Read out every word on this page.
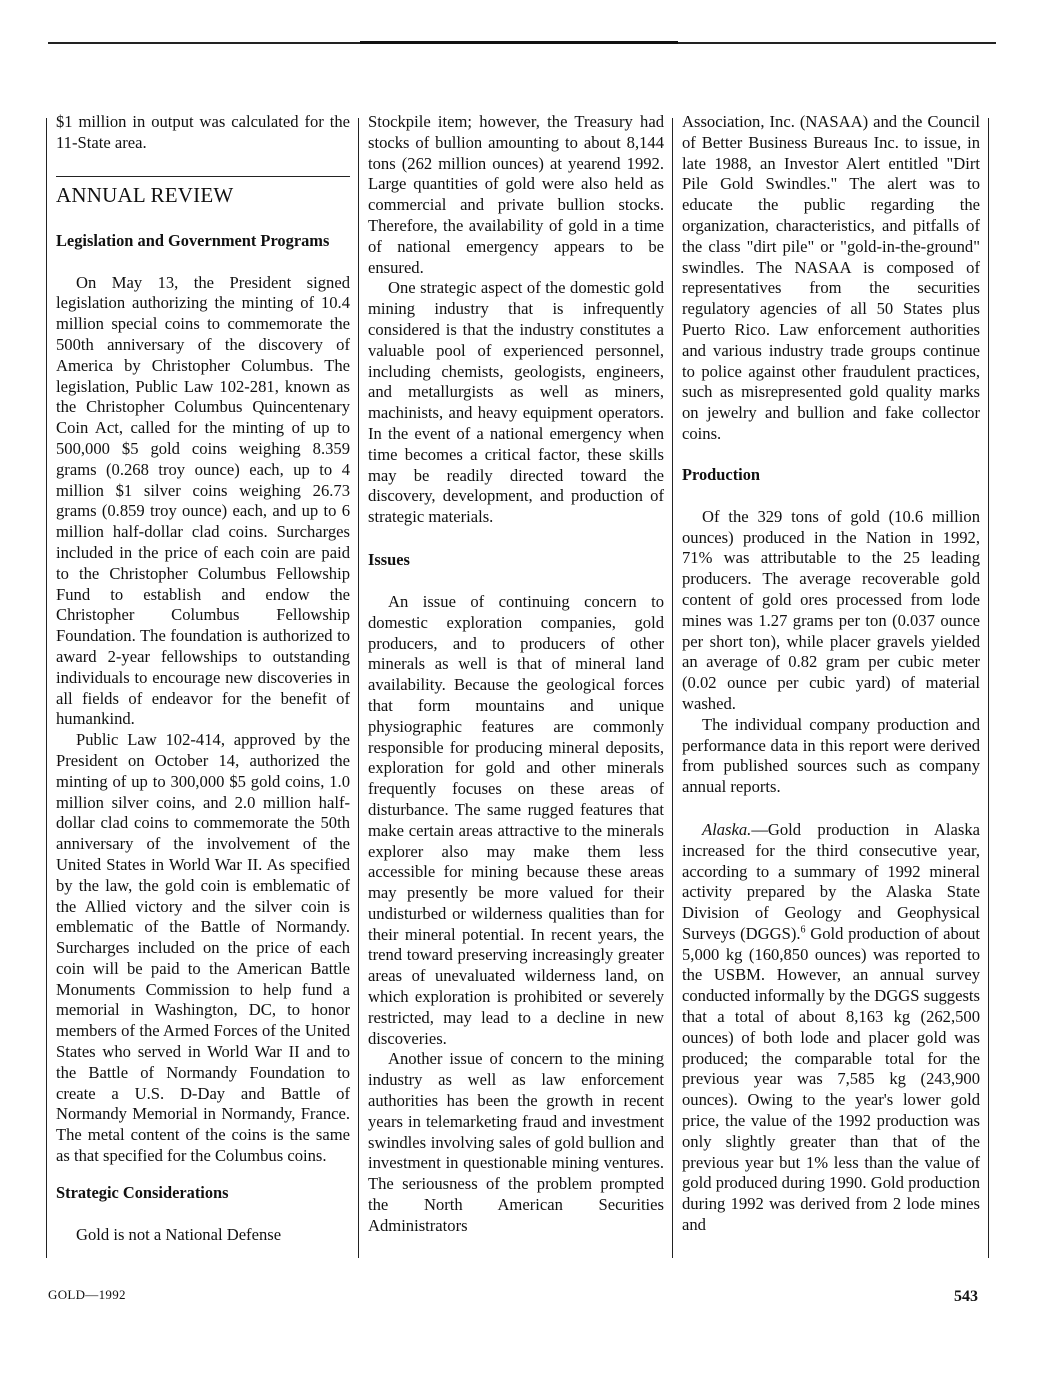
$1 million in output was calculated for the 11-State area.

ANNUAL REVIEW
Legislation and Government Programs

On May 13, the President signed legislation authorizing the minting of 10.4 million special coins to commemorate the 500th anniversary of the discovery of America by Christopher Columbus. The legislation, Public Law 102-281, known as the Christopher Columbus Quincentenary Coin Act, called for the minting of up to 500,000 $5 gold coins weighing 8.359 grams (0.268 troy ounce) each, up to 4 million $1 silver coins weighing 26.73 grams (0.859 troy ounce) each, and up to 6 million half-dollar clad coins. Surcharges included in the price of each coin are paid to the Christopher Columbus Fellowship Fund to establish and endow the Christopher Columbus Fellowship Foundation. The foundation is authorized to award 2-year fellowships to outstanding individuals to encourage new discoveries in all fields of endeavor for the benefit of humankind.

Public Law 102-414, approved by the President on October 14, authorized the minting of up to 300,000 $5 gold coins, 1.0 million silver coins, and 2.0 million half-dollar clad coins to commemorate the 50th anniversary of the involvement of the United States in World War II. As specified by the law, the gold coin is emblematic of the Allied victory and the silver coin is emblematic of the Battle of Normandy. Surcharges included on the price of each coin will be paid to the American Battle Monuments Commission to help fund a memorial in Washington, DC, to honor members of the Armed Forces of the United States who served in World War II and to the Battle of Normandy Foundation to create a U.S. D-Day and Battle of Normandy Memorial in Normandy, France. The metal content of the coins is the same as that specified for the Columbus coins.

Strategic Considerations

Gold is not a National Defense

Stockpile item; however, the Treasury had stocks of bullion amounting to about 8,144 tons (262 million ounces) at yearend 1992. Large quantities of gold were also held as commercial and private bullion stocks. Therefore, the availability of gold in a time of national emergency appears to be ensured.

One strategic aspect of the domestic gold mining industry that is infrequently considered is that the industry constitutes a valuable pool of experienced personnel, including chemists, geologists, engineers, and metallurgists as well as miners, machinists, and heavy equipment operators. In the event of a national emergency when time becomes a critical factor, these skills may be readily directed toward the discovery, development, and production of strategic materials.

Issues

An issue of continuing concern to domestic exploration companies, gold producers, and to producers of other minerals as well is that of mineral land availability. Because the geological forces that form mountains and unique physiographic features are commonly responsible for producing mineral deposits, exploration for gold and other minerals frequently focuses on these areas of disturbance. The same rugged features that make certain areas attractive to the minerals explorer also may make them less accessible for mining because these areas may presently be more valued for their undisturbed or wilderness qualities than for their mineral potential. In recent years, the trend toward preserving increasingly greater areas of unevaluated wilderness land, on which exploration is prohibited or severely restricted, may lead to a decline in new discoveries.

Another issue of concern to the mining industry as well as law enforcement authorities has been the growth in recent years in telemarketing fraud and investment swindles involving sales of gold bullion and investment in questionable mining ventures. The seriousness of the problem prompted the North American Securities Administrators

Association, Inc. (NASAA) and the Council of Better Business Bureaus Inc. to issue, in late 1988, an Investor Alert entitled "Dirt Pile Gold Swindles." The alert was to educate the public regarding the organization, characteristics, and pitfalls of the class "dirt pile" or "gold-in-the-ground" swindles. The NASAA is composed of representatives from the securities regulatory agencies of all 50 States plus Puerto Rico. Law enforcement authorities and various industry trade groups continue to police against other fraudulent practices, such as misrepresented gold quality marks on jewelry and bullion and fake collector coins.

Production

Of the 329 tons of gold (10.6 million ounces) produced in the Nation in 1992, 71% was attributable to the 25 leading producers. The average recoverable gold content of gold ores processed from lode mines was 1.27 grams per ton (0.037 ounce per short ton), while placer gravels yielded an average of 0.82 gram per cubic meter (0.02 ounce per cubic yard) of material washed.

The individual company production and performance data in this report were derived from published sources such as company annual reports.

Alaska.—Gold production in Alaska increased for the third consecutive year, according to a summary of 1992 mineral activity prepared by the Alaska State Division of Geology and Geophysical Surveys (DGGS).$^6$ Gold production of about 5,000 kg (160,850 ounces) was reported to the USBM. However, an annual survey conducted informally by the DGGS suggests that a total of about 8,163 kg (262,500 ounces) of both lode and placer gold was produced; the comparable total for the previous year was 7,585 kg (243,900 ounces). Owing to the year's lower gold price, the value of the 1992 production was only slightly greater than that of the previous year but 1% less than the value of gold produced during 1990. Gold production during 1992 was derived from 2 lode mines and

GOLD—1992	543
